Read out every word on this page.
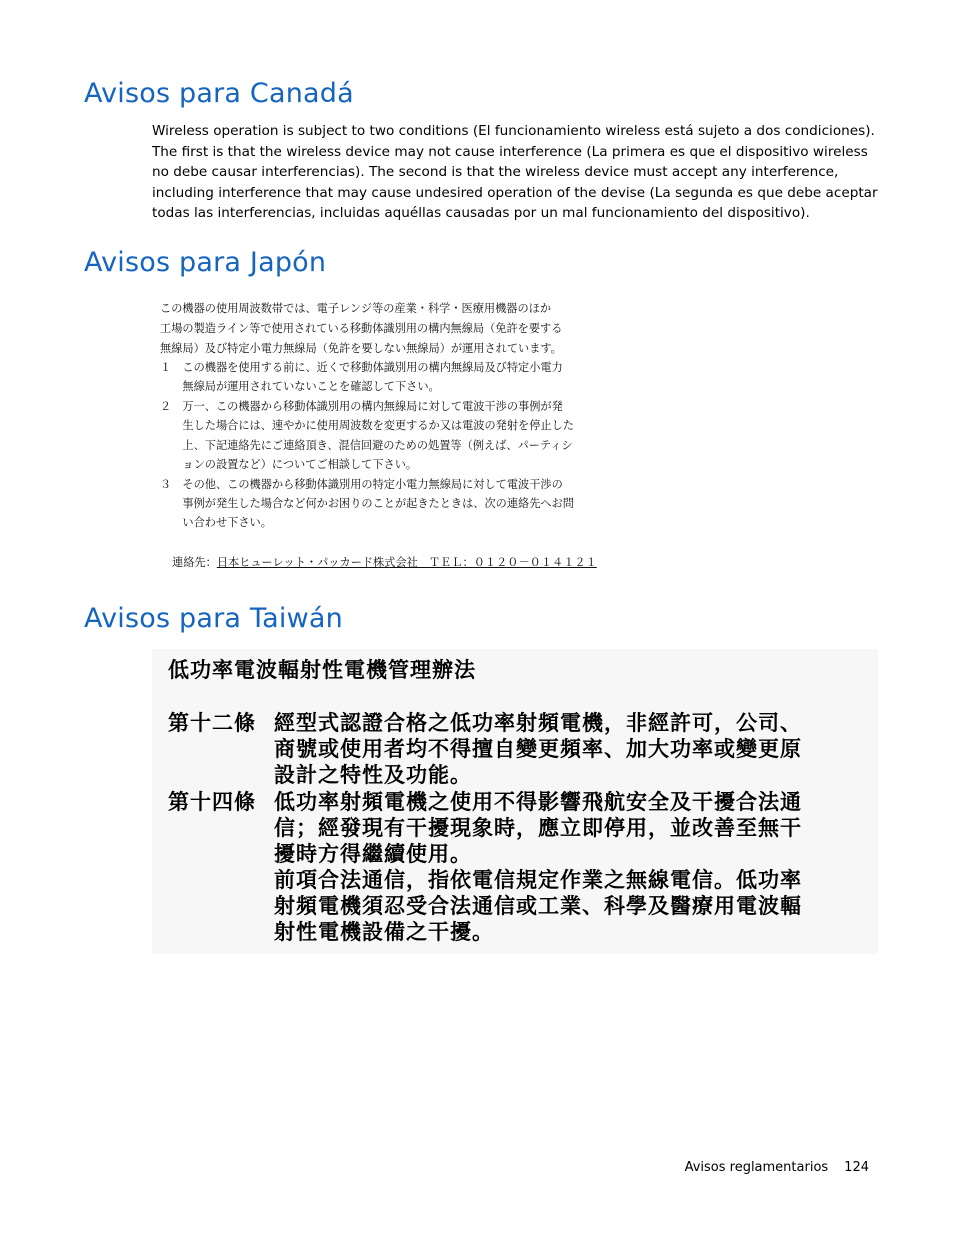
Avisos para Canadá

Wireless operation is subject to two conditions (El funcionamiento wireless está sujeto a dos condiciones). The first is that the wireless device may not cause interference (La primera es que el dispositivo wireless no debe causar interferencias). The second is that the wireless device must accept any interference, including interference that may cause undesired operation of the devise (La segunda es que debe aceptar todas las interferencias, incluidas aquéllas causadas por un mal funcionamiento del dispositivo).

Avisos para Japón
この機器の使用周波数帯では、電子レンジ等の産業・科学・医療用機器のほか
工場の製造ライン等で使用されている移動体識別用の構内無線局（免許を要する
無線局）及び特定小電力無線局（免許を要しない無線局）が運用されています。
１　この機器を使用する前に、近くで移動体識別用の構内無線局及び特定小電力
　　無線局が運用されていないことを確認して下さい。
２　万一、この機器から移動体識別用の構内無線局に対して電波干渉の事例が発
　　生した場合には、速やかに使用周波数を変更するか又は電波の発射を停止した
　　上、下記連絡先にご連絡頂き、混信回避のための処置等（例えば、パーティシ
　　ョンの設置など）についてご相談して下さい。
３　その他、この機器から移動体識別用の特定小電力無線局に対して電波干渉の
　　事例が発生した場合など何かお困りのことが起きたときは、次の連絡先へお問
　　い合わせ下さい。
連絡先：日本ヒューレット・パッカード株式会社　ＴＥＬ：０１２０－０１４１２１
Avisos para Taiwán
低功率電波輻射性電機管理辦法
第十二條 經型式認證合格之低功率射頻電機，非經許可，公司、
商號或使用者均不得擅自變更頻率、加大功率或變更原
設計之特性及功能。
第十四條 低功率射頻電機之使用不得影響飛航安全及干擾合法通
信；經發現有干擾現象時，應立即停用，並改善至無干
擾時方得繼續使用。
前項合法通信，指依電信規定作業之無線電信。低功率
射頻電機須忍受合法通信或工業、科學及醫療用電波輻
射性電機設備之干擾。
Avisos reglamentarios 124
